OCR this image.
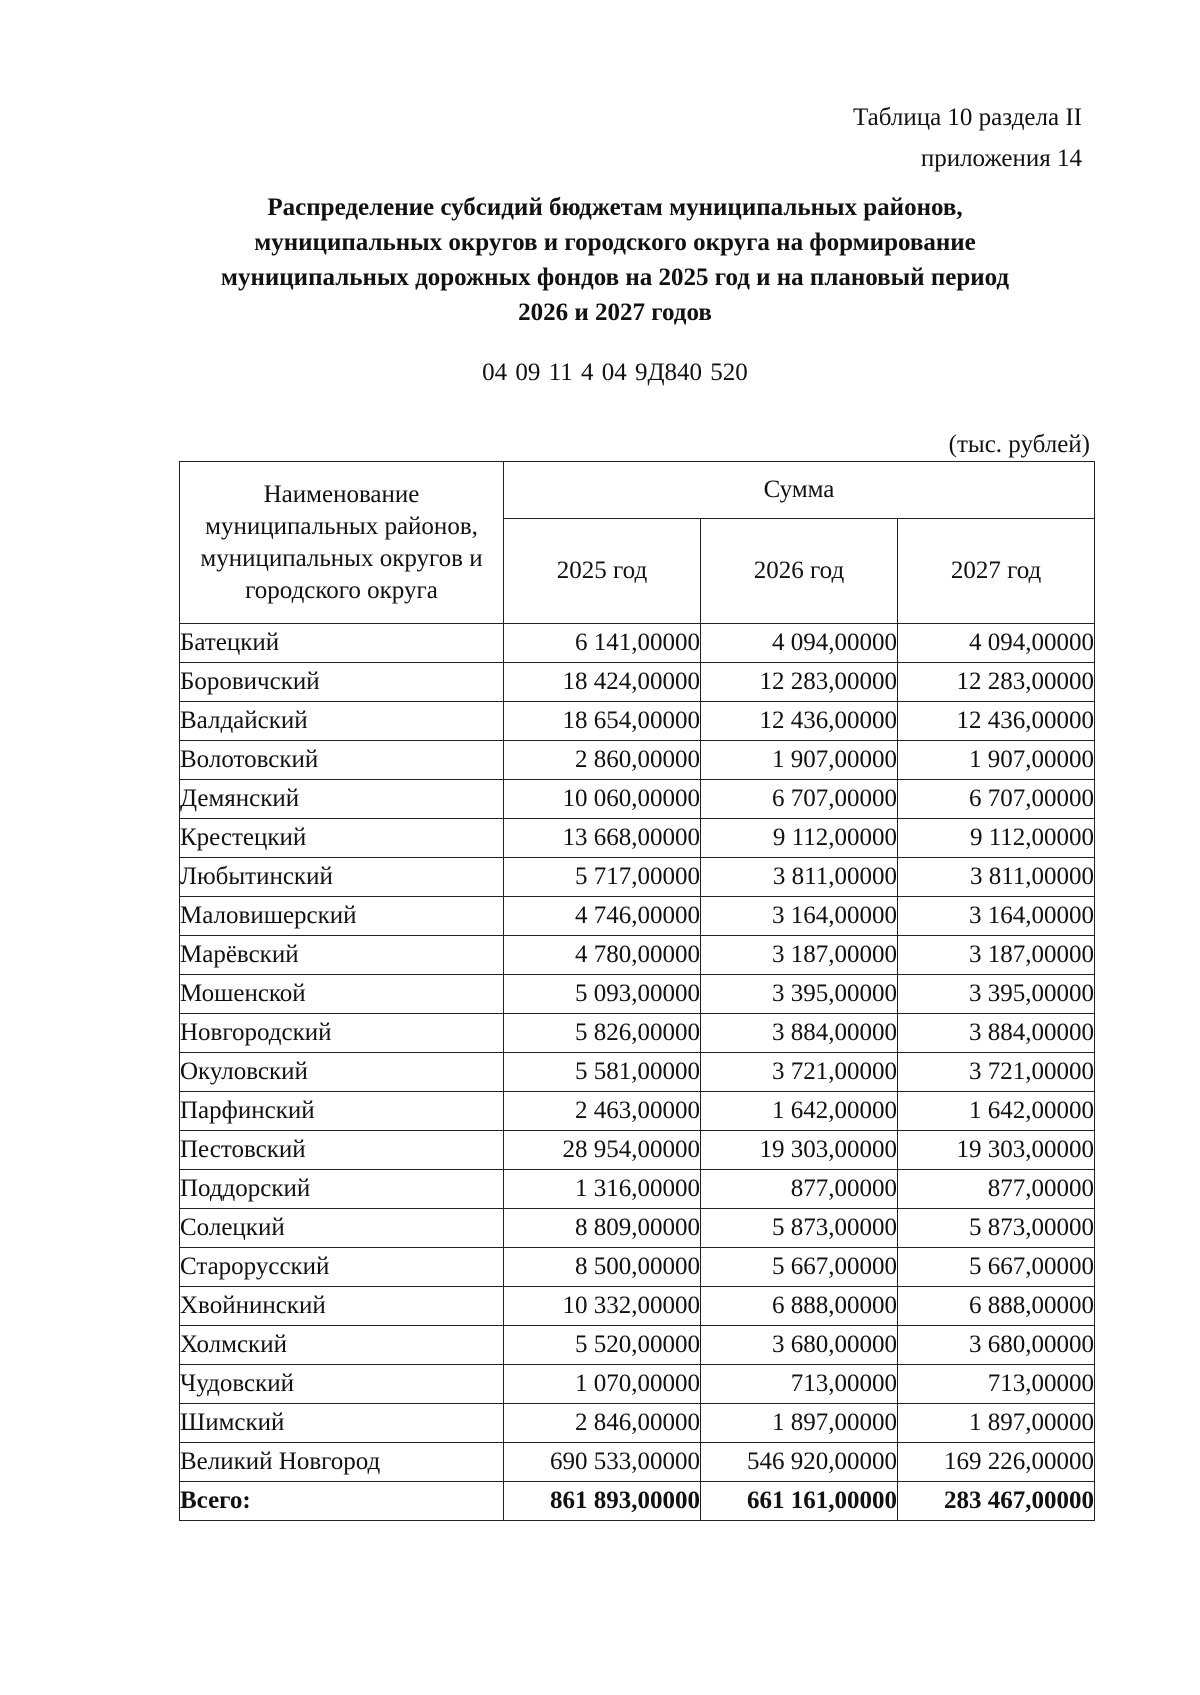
Таблица 10 раздела II
приложения 14
Распределение субсидий бюджетам муниципальных районов,
муниципальных округов и городского округа на формирование
муниципальных дорожных фондов на 2025 год и на плановый период
2026 и 2027 годов
04 09 11 4 04 9Д840 520
(тыс. рублей)
Наименование муниципальных районов, муниципальных округов и городского округа	Сумма		
	2025 год	2026 год	2027 год
Батецкий	6 141,00000	4 094,00000	4 094,00000
Боровичский	18 424,00000	12 283,00000	12 283,00000
Валдайский	18 654,00000	12 436,00000	12 436,00000
Волотовский	2 860,00000	1 907,00000	1 907,00000
Демянский	10 060,00000	6 707,00000	6 707,00000
Крестецкий	13 668,00000	9 112,00000	9 112,00000
Любытинский	5 717,00000	3 811,00000	3 811,00000
Маловишерский	4 746,00000	3 164,00000	3 164,00000
Марёвский	4 780,00000	3 187,00000	3 187,00000
Мошенской	5 093,00000	3 395,00000	3 395,00000
Новгородский	5 826,00000	3 884,00000	3 884,00000
Окуловский	5 581,00000	3 721,00000	3 721,00000
Парфинский	2 463,00000	1 642,00000	1 642,00000
Пестовский	28 954,00000	19 303,00000	19 303,00000
Поддорский	1 316,00000	877,00000	877,00000
Солецкий	8 809,00000	5 873,00000	5 873,00000
Старорусский	8 500,00000	5 667,00000	5 667,00000
Хвойнинский	10 332,00000	6 888,00000	6 888,00000
Холмский	5 520,00000	3 680,00000	3 680,00000
Чудовский	1 070,00000	713,00000	713,00000
Шимский	2 846,00000	1 897,00000	1 897,00000
Великий Новгород	690 533,00000	546 920,00000	169 226,00000
Всего:	861 893,00000	661 161,00000	283 467,00000
